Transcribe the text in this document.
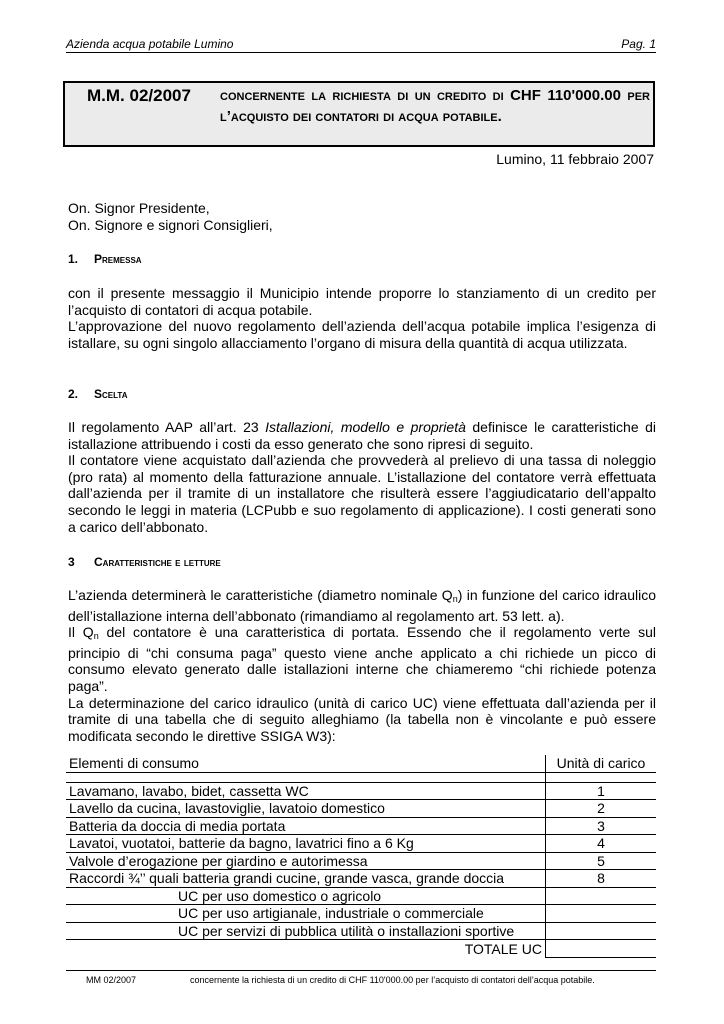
Azienda acqua potabile Lumino	Pag. 1
M.M. 02/2007 concernente la richiesta di un credito di CHF 110'000.00 per l’acquisto dei contatori di acqua potabile.
Lumino, 11 febbraio 2007
On. Signor Presidente,
On. Signore e signori Consiglieri,
1. Premessa
con il presente messaggio il Municipio intende proporre lo stanziamento di un credito per l’acquisto di contatori di acqua potabile.
L’approvazione del nuovo regolamento dell’azienda dell’acqua potabile implica l’esigenza di istallare, su ogni singolo allacciamento l’organo di misura della quantità di acqua utilizzata.
2. Scelta
Il regolamento AAP all’art. 23 Istallazioni, modello e proprietà definisce le caratteristiche di istallazione attribuendo i costi da esso generato che sono ripresi di seguito.
Il contatore viene acquistato dall’azienda che provvederà al prelievo di una tassa di noleggio (pro rata) al momento della fatturazione annuale. L’istallazione del contatore verrà effettuata dall’azienda per il tramite di un installatore che risulterà essere l’aggiudicatario dell’appalto secondo le leggi in materia (LCPubb e suo regolamento di applicazione). I costi generati sono a carico dell’abbonato.
3 Caratteristiche e letture
L’azienda determinerà le caratteristiche (diametro nominale $Q_n$) in funzione del carico idraulico dell’istallazione interna dell’abbonato (rimandiamo al regolamento art. 53 lett. a).
Il $Q_n$ del contatore è una caratteristica di portata. Essendo che il regolamento verte sul principio di “chi consuma paga” questo viene anche applicato a chi richiede un picco di consumo elevato generato dalle istallazioni interne che chiameremo “chi richiede potenza paga”.
La determinazione del carico idraulico (unità di carico UC) viene effettuata dall’azienda per il tramite di una tabella che di seguito alleghiamo (la tabella non è vincolante e può essere modificata secondo le direttive SSIGA W3):
Elementi di consumo	Unità di carico

Lavamano, lavabo, bidet, cassetta WC	1
Lavello da cucina, lavastoviglie, lavatoio domestico	2
Batteria da doccia di media portata	3
Lavatoi, vuotatoi, batterie da bagno, lavatrici fino a 6 Kg	4
Valvole d’erogazione per giardino e autorimessa	5
Raccordi ¾’’ quali batteria grandi cucine, grande vasca, grande doccia	8
UC per uso domestico o agricolo	
UC per uso artigianale, industriale o commerciale	
UC per servizi di pubblica utilità o installazioni sportive	
TOTALE UC	
MM 02/2007	concernente la richiesta di un credito di CHF 110'000.00 per l’acquisto di contatori dell’acqua potabile.
